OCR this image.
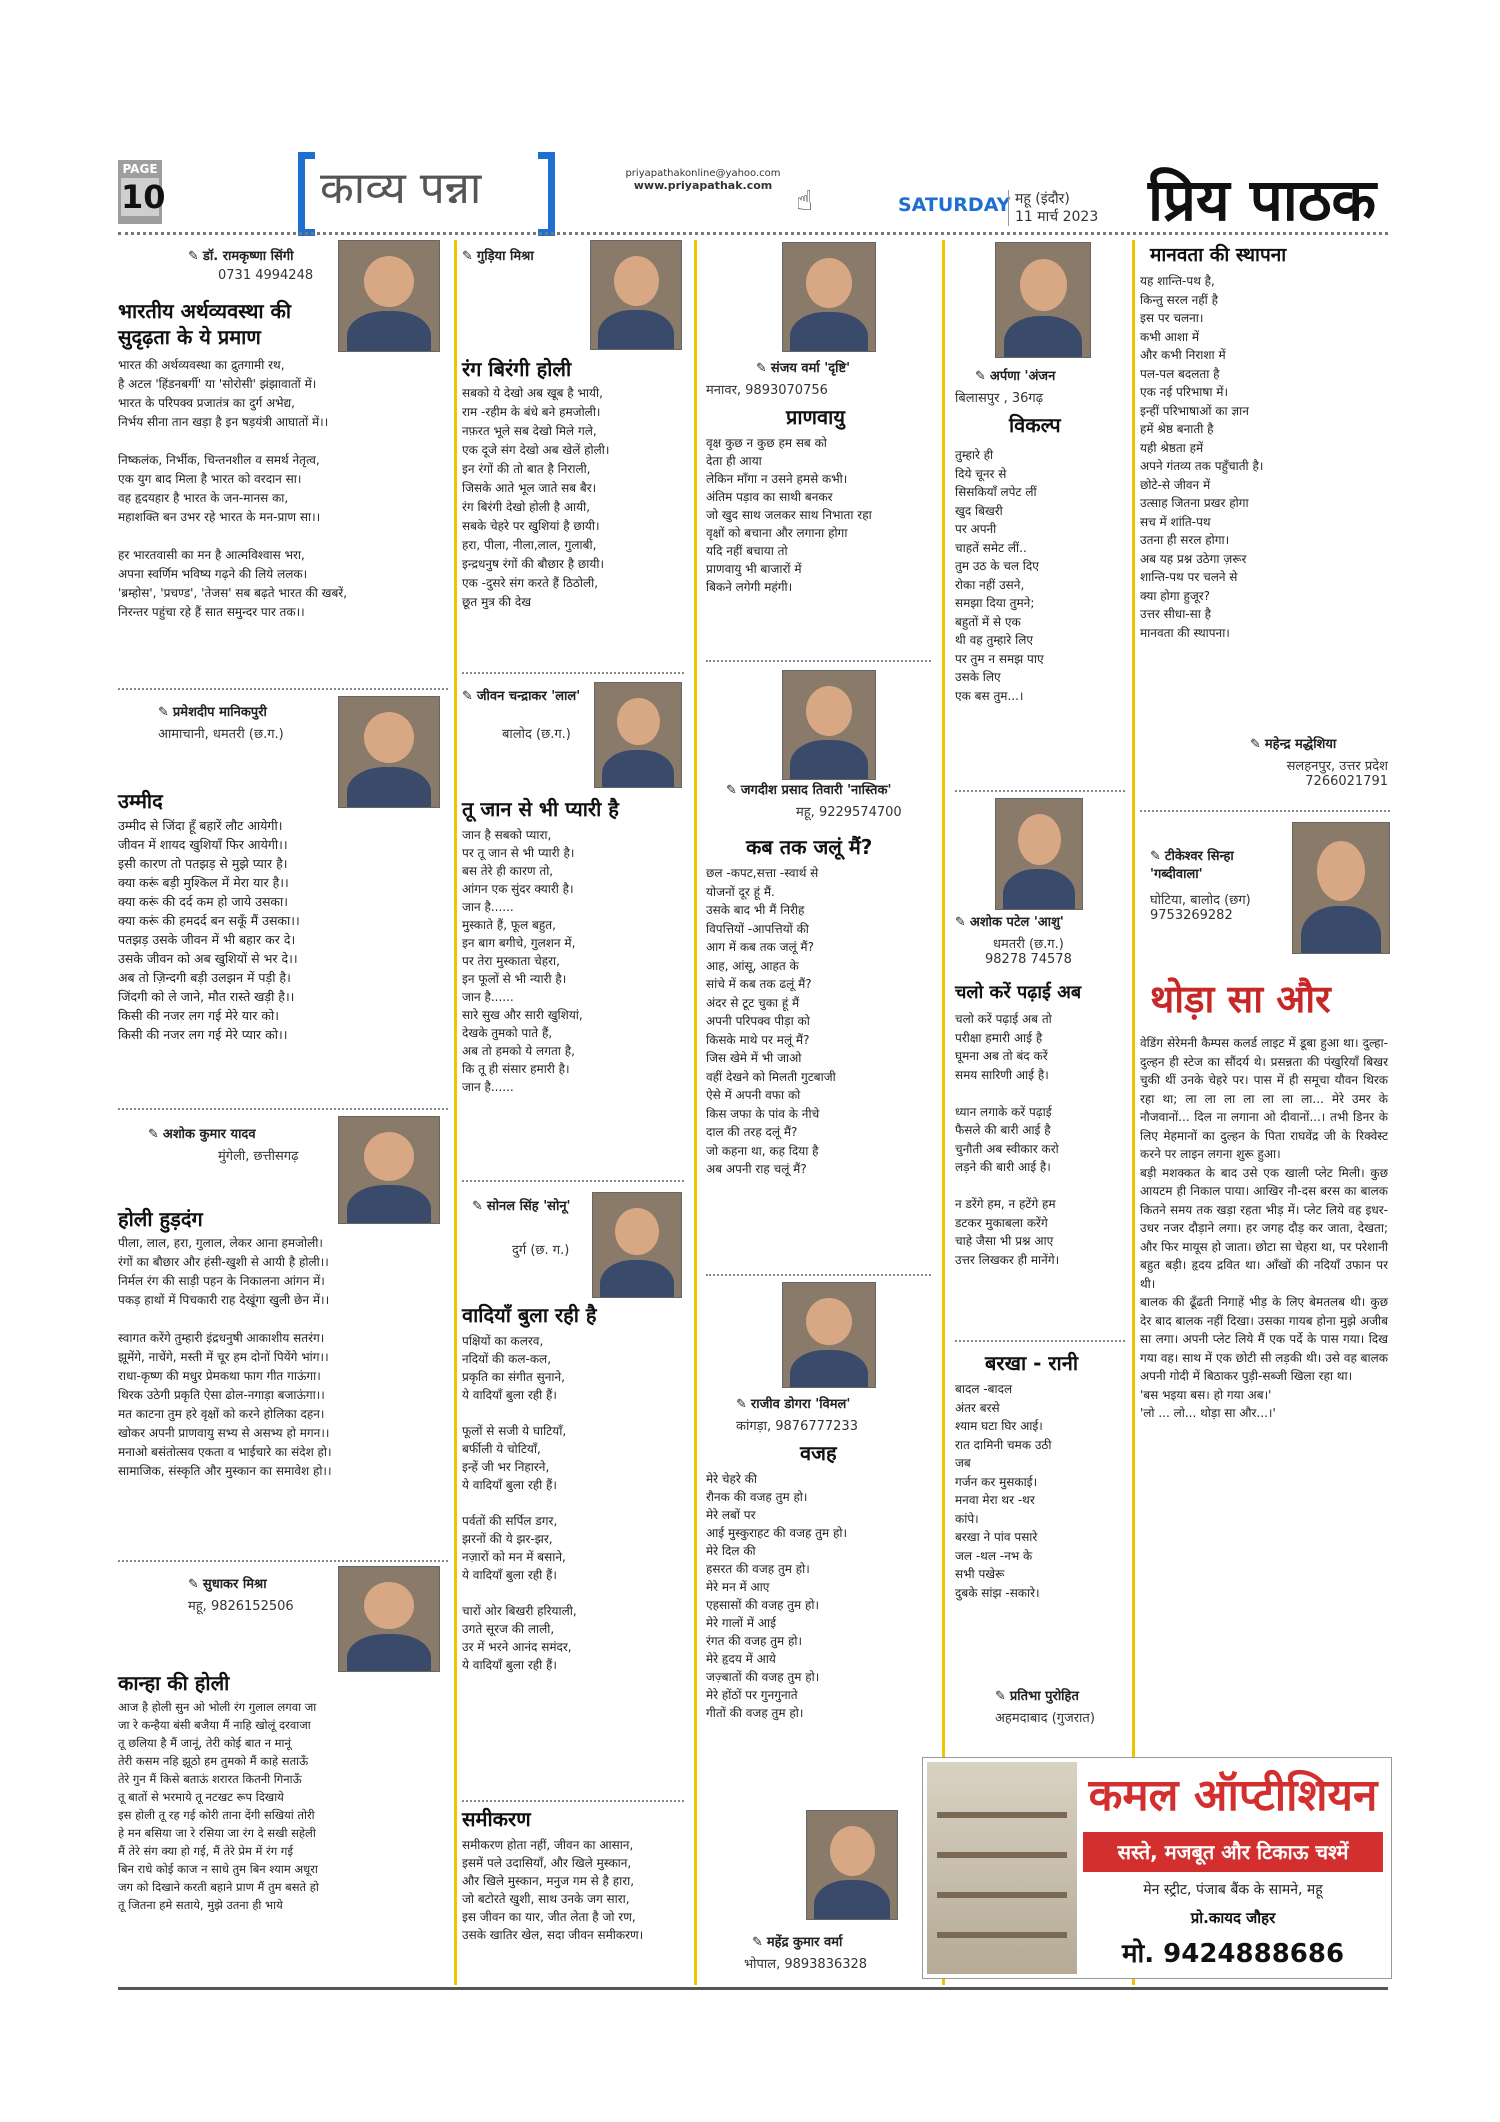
PAGE
10	काव्य पन्ना	priyapathakonline@yahoo.com
www.priyapathak.com ☝	SATURDAY महू (इंदौर)
11 मार्च 2023 प्रिय पाठक
✎ डॉ. रामकृष्णा सिंगी
0731 4994248
भारतीय अर्थव्यवस्था की सुदृढ़ता के ये प्रमाण
भारत की अर्थव्यवस्था का द्रुतगामी रथ,
है अटल 'हिंडनबर्गी' या 'सोरोसी' झंझावातों में।
भारत के परिपक्व प्रजातंत्र का दुर्ग अभेद्य,
निर्भय सीना तान खड़ा है इन षड़यंत्री आघातों में।।

निष्कलंक, निर्भीक, चिन्तनशील व समर्थ नेतृत्व,
एक युग बाद मिला है भारत को वरदान सा।
वह हृदयहार है भारत के जन-मानस का,
महाशक्ति बन उभर रहे भारत के मन-प्राण सा।।

हर भारतवासी का मन है आत्मविश्वास भरा,
अपना स्वर्णिम भविष्य गढ़ने की लिये ललक।
'ब्रम्होस', 'प्रचण्ड', 'तेजस' सब बढ़ते भारत की खबरें,
निरन्तर पहुंचा रहे हैं सात समुन्दर पार तक।।
✎ प्रमेशदीप मानिकपुरी
आमाचानी, धमतरी (छ.ग.)
उम्मीद
उम्मीद से जिंदा हूँ बहारें लौट आयेगी।
जीवन में शायद खुशियाँ फिर आयेगी।।
इसी कारण तो पतझड़ से मुझे प्यार है।
क्या करूं बड़ी मुश्किल में मेरा यार है।।
क्या करूं की दर्द कम हो जाये उसका।
क्या करूं की हमदर्द बन सकूँ मैं उसका।।
पतझड़ उसके जीवन में भी बहार कर दे।
उसके जीवन को अब खुशियों से भर दे।।
अब तो ज़िन्दगी बड़ी उलझन में पड़ी है।
जिंदगी को ले जाने, मौत रास्ते खड़ी है।।
किसी की नजर लग गई मेरे यार को।
किसी की नजर लग गई मेरे प्यार को।।
✎ अशोक कुमार यादव
मुंगेली, छत्तीसगढ़
होली हुड़दंग
पीला, लाल, हरा, गुलाल, लेकर आना हमजोली।
रंगों का बौछार और हंसी-खुशी से आयी है होली।।
निर्मल रंग की साड़ी पहन के निकालना आंगन में।
पकड़ हाथों में पिचकारी राह देखूंगा खुली छेन में।।

स्वागत करेंगे तुम्हारी इंद्रधनुषी आकाशीय सतरंग।
झूमेंगे, नाचेंगे, मस्ती में चूर हम दोनों पियेंगे भांग।।
राधा-कृष्ण की मधुर प्रेमकथा फाग गीत गाऊंगा।
थिरक उठेगी प्रकृति ऐसा ढोल-नगाड़ा बजाऊंगा।।
मत काटना तुम हरे वृक्षों को करने होलिका दहन।
खोकर अपनी प्राणवायु सभ्य से असभ्य हो मगन।।
मनाओ बसंतोत्सव एकता व भाईचारे का संदेश हो।
सामाजिक, संस्कृति और मुस्कान का समावेश हो।।
✎ सुधाकर मिश्रा
महू, 9826152506
कान्हा की होली
आज है होली सुन ओ भोली रंग गुलाल लगवा जा
जा रे कन्हैया बंसी बजैया मैं नाहि खोलूं दरवाजा
तू छलिया है मैं जानूं, तेरी कोई बात न मानूं
तेरी कसम नहि झूठो हम तुमको मैं काहे सताऊँ
तेरे गुन मैं किसे बताऊं शरारत कितनी गिनाऊँ
तू बातों से भरमाये तू नटखट रूप दिखाये
इस होली तू रह गई कोरी ताना देंगी सखियां तोरी
हे मन बसिया जा रे रसिया जा रंग दे सखी सहेली
मैं तेरे संग क्या हो गई, मैं तेरे प्रेम में रंग गई
बिन राधे कोई काज न साधे तुम बिन श्याम अधूरा
जग को दिखाने करती बहाने प्राण मैं तुम बसते हो
तू जितना हमे सताये, मुझे उतना ही भाये
✎ गुड़िया मिश्रा
रंग बिरंगी होली
सबको ये देखो अब खूब है भायी,
राम -रहीम के बंधे बने हमजोली।
नफ़रत भूले सब देखो मिले गले,
एक दूजे संग देखो अब खेलें होली।
इन रंगों की तो बात है निराली,
जिसके आते भूल जाते सब बैर।
रंग बिरंगी देखो होली है आयी,
सबके चेहरे पर खुशियां है छायी।
हरा, पीला, नीला,लाल, गुलाबी,
इन्द्रधनुष रंगों की बौछार है छायी।
एक -दुसरे संग करते हैं ठिठोली,
छूत मुत्र की देख
✎ जीवन चन्द्राकर 'लाल'
बालोद (छ.ग.)
तू जान से भी प्यारी है
जान है सबको प्यारा,
पर तू जान से भी प्यारी है।
बस तेरे ही कारण तो,
आंगन एक सुंदर क्यारी है।
जान है......
मुस्काते हैं, फूल बहुत,
इन बाग बगीचे, गुलशन में,
पर तेरा मुस्काता चेहरा,
इन फूलों से भी न्यारी है।
जान है......
सारे सुख और सारी खुशियां,
देखके तुमको पाते हैं,
अब तो हमको ये लगता है,
कि तू ही संसार हमारी है।
जान है......
✎ सोनल सिंह 'सोनू'
दुर्ग (छ. ग.)
वादियाँ बुला रही है
पक्षियों का कलरव,
नदियों की कल-कल,
प्रकृति का संगीत सुनाने,
ये वादियाँ बुला रही हैं।

फूलों से सजी ये घाटियाँ,
बर्फीली ये चोटियाँ,
इन्हें जी भर निहारने,
ये वादियाँ बुला रही हैं।

पर्वतों की सर्पिल डगर,
झरनों की ये झर-झर,
नज़ारों को मन में बसाने,
ये वादियाँ बुला रही हैं।

चारों ओर बिखरी हरियाली,
उगते सूरज की लाली,
उर में भरने आनंद समंदर,
ये वादियाँ बुला रही हैं।
समीकरण
समीकरण होता नहीं, जीवन का आसान,
इसमें पले उदासियाँ, और खिले मुस्कान,
और खिले मुस्कान, मनुज गम से है हारा,
जो बटोरते खुशी, साथ उनके जग सारा,
इस जीवन का यार, जीत लेता है जो रण,
उसके खातिर खेल, सदा जीवन समीकरण।	✎ महेंद्र कुमार वर्मा
भोपाल, 9893836328
✎ संजय वर्मा 'दृष्टि'
मनावर, 9893070756
प्राणवायु
वृक्ष कुछ न कुछ हम सब को
देता ही आया
लेकिन माँगा न उसने हमसे कभी।
अंतिम पड़ाव का साथी बनकर
जो खुद साथ जलकर साथ निभाता रहा
वृक्षों को बचाना और लगाना होगा
यदि नहीं बचाया तो
प्राणवायु भी बाजारों में
बिकने लगेगी महंगी।
✎ जगदीश प्रसाद तिवारी 'नास्तिक'
महू, 9229574700
कब तक जलूं मैं?
छल -कपट,सत्ता -स्वार्थ से
योजनों दूर हूं मैं.
उसके बाद भी मैं निरीह
विपत्तियों -आपत्तियों की
आग में कब तक जलूं मैं?
आह, आंसू, आहत के
सांचे में कब तक ढलूं मैं?
अंदर से टूट चुका हूं मैं
अपनी परिपक्व पीड़ा को
किसके माथे पर मलूं मैं?
जिस खेमे में भी जाओ
वहीं देखने को मिलती गुटबाजी
ऐसे में अपनी वफा को
किस जफा के पांव के नीचे
दाल की तरह दलूं मैं?
जो कहना था, कह दिया है
अब अपनी राह चलूं मैं?
✎ राजीव डोगरा 'विमल'
कांगड़ा, 9876777233
वजह
मेरे चेहरे की
रौनक की वजह तुम हो।
मेरे लबों पर
आई मुस्कुराहट की वजह तुम हो।
मेरे दिल की
हसरत की वजह तुम हो।
मेरे मन में आए
एहसासों की वजह तुम हो।
मेरे गालों में आई
रंगत की वजह तुम हो।
मेरे हृदय में आये
जज़्बातों की वजह तुम हो।
मेरे होंठों पर गुनगुनाते
गीतों की वजह तुम हो।
✎ अर्पणा 'अंजन
बिलासपुर , 36गढ़
विकल्प
तुम्हारे ही
दिये चूनर से
सिसकियाँ लपेट लीं
खुद बिखरी
पर अपनी
चाहतें समेट लीं..
तुम उठ के चल दिए
रोका नहीं उसने,
समझा दिया तुमने;
बहुतों में से एक
थी वह तुम्हारे लिए
पर तुम न समझ पाए
उसके लिए
एक बस तुम...।
✎ अशोक पटेल 'आशु'
धमतरी (छ.ग.)
98278 74578
चलो करें पढ़ाई अब
चलो करें पढ़ाई अब तो
परीक्षा हमारी आई है
घूमना अब तो बंद करें
समय सारिणी आई है।

ध्यान लगाके करें पढ़ाई
फैसले की बारी आई है
चुनौती अब स्वीकार करो
लड़ने की बारी आई है।

न डरेंगे हम, न हटेंगे हम
डटकर मुकाबला करेंगे
चाहे जैसा भी प्रश्न आए
उत्तर लिखकर ही मानेंगे।
बरखा - रानी
बादल -बादल
अंतर बरसे
श्याम घटा घिर आई।
रात दामिनी चमक उठी
जब
गर्जन कर मुसकाई।
मनवा मेरा थर -थर
कांपे।
बरखा ने पांव पसारे
जल -थल -नभ के
सभी पखेरू
दुबके सांझ -सकारे।
✎ प्रतिभा पुरोहित
अहमदाबाद (गुजरात)
मानवता की स्थापना
यह शान्ति-पथ है,
किन्तु सरल नहीं है
इस पर चलना।
कभी आशा में
और कभी निराशा में
पल-पल बदलता है
एक नई परिभाषा में।
इन्हीं परिभाषाओं का ज्ञान
हमें श्रेष्ठ बनाती है
यही श्रेष्ठता हमें
अपने गंतव्य तक पहुँचाती है।
छोटे-से जीवन में
उत्साह जितना प्रखर होगा
सच में शांति-पथ
उतना ही सरल होगा।
अब यह प्रश्न उठेगा ज़रूर
शान्ति-पथ पर चलने से
क्या होगा हुजूर?
उत्तर सीधा-सा है
मानवता की स्थापना।
✎ महेन्द्र मद्धेशिया
सलहनपुर, उत्तर प्रदेश
7266021791
✎ टीकेश्वर सिन्हा 'गब्दीवाला'
घोटिया, बालोद (छग)
9753269282
थोड़ा सा और
वेडिंग सेरेमनी कैम्पस कलर्ड लाइट में डूबा हुआ था। दुल्हा-दुल्हन ही स्टेज का सौंदर्य थे। प्रसन्नता की पंखुरियाँ बिखर चुकी थीं उनके चेहरे पर। पास में ही समूचा यौवन थिरक रहा था; ला ला ला ला ला ला ला... मेरे उमर के नौजवानों... दिल ना लगाना ओ दीवानों...। तभी डिनर के लिए मेहमानों का दुल्हन के पिता राघवेंद्र जी के रिक्वेस्ट करने पर लाइन लगना शुरू हुआ।
बड़ी मशक्कत के बाद उसे एक खाली प्लेट मिली। कुछ आयटम ही निकाल पाया। आखिर नौ-दस बरस का बालक कितने समय तक खड़ा रहता भीड़ में। प्लेट लिये वह इधर-उधर नजर दौड़ाने लगा। हर जगह दौड़ कर जाता, देखता; और फिर मायूस हो जाता। छोटा सा चेहरा था, पर परेशानी बहुत बड़ी। हृदय द्रवित था। आँखों की नदियाँ उफान पर थी।
बालक की ढूँढती निगाहें भीड़ के लिए बेमतलब थी। कुछ देर बाद बालक नहीं दिखा। उसका गायब होना मुझे अजीब सा लगा। अपनी प्लेट लिये मैं एक पर्दे के पास गया। दिख गया वह। साथ में एक छोटी सी लड़की थी। उसे वह बालक अपनी गोदी में बिठाकर पुड़ी-सब्जी खिला रहा था।
'बस भइया बस। हो गया अब।'
'लो ... लो... थोड़ा सा और...।'
कमल ऑप्टीशियन
सस्ते, मजबूत और टिकाऊ चश्में
मेन स्ट्रीट, पंजाब बैंक के सामने, महू
प्रो.कायद जौहर
मो. 9424888686
